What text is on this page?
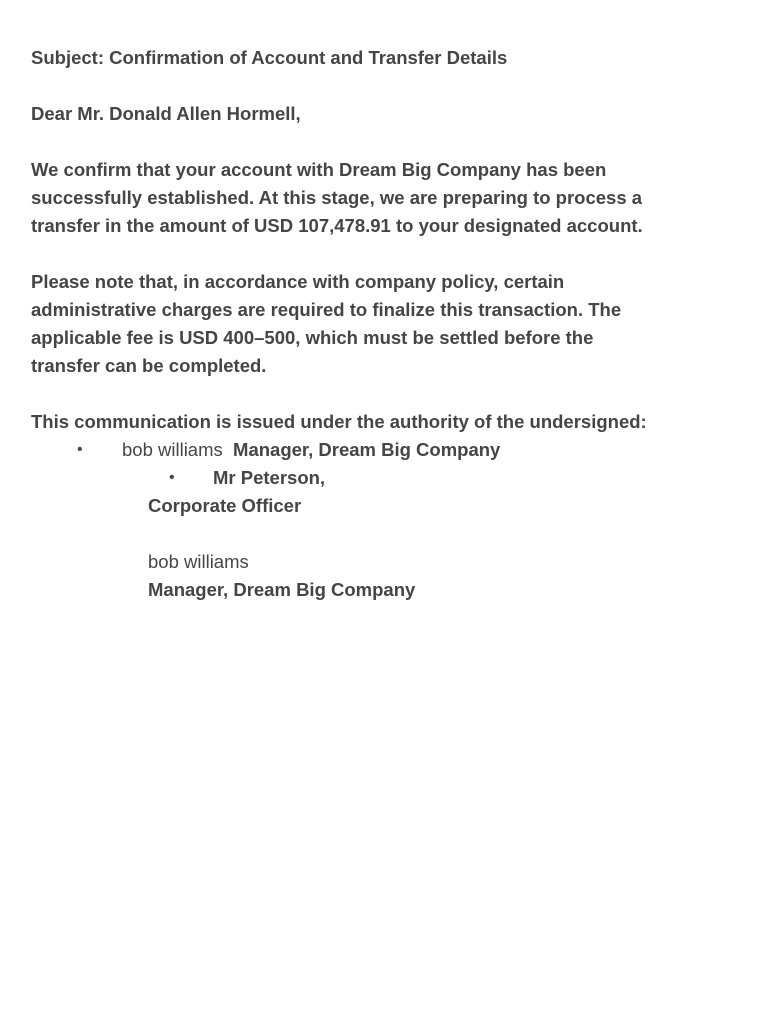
Subject: Confirmation of Account and Transfer Details
Dear Mr. Donald Allen Hormell,
We confirm that your account with Dream Big Company has been
successfully established. At this stage, we are preparing to process a
transfer in the amount of USD 107,478.91 to your designated account.
Please note that, in accordance with company policy, certain
administrative charges are required to finalize this transaction. The
applicable fee is USD 400–500, which must be settled before the
transfer can be completed.
This communication is issued under the authority of the undersigned:
• bob williams Manager, Dream Big Company
• Mr Peterson,
Corporate Officer
bob williams
Manager, Dream Big Company
